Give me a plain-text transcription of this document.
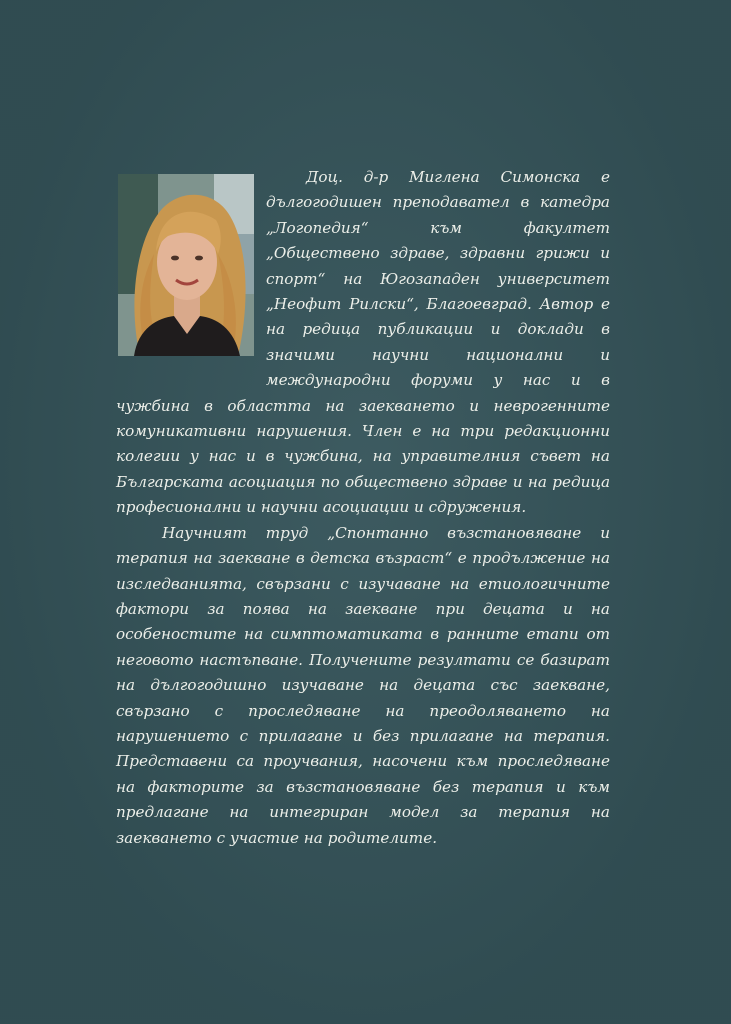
Доц. д-р Миглена Симонска е дългогодишен преподавател в катедра „Логопедия“ към факултет „Обществено здраве, здравни грижи и спорт“ на Югозападен университет „Неофит Рилски“, Благоевград. Автор е на редица публикации и доклади в значими научни национални и международни форуми у нас и в чужбина в областта на заекването и неврогенните комуникативни нарушения. Член е на три редакционни колегии у нас и в чужбина, на управителния съвет на Българската асоциация по обществено здраве и на редица професионални и научни асоциации и сдружения.

Научният труд „Спонтанно възстановяване и терапия на заекване в детска възраст“ е продължение на изследванията, свързани с изучаване на етиологичните фактори за поява на заекване при децата и на особеностите на симптоматиката в ранните етапи от неговото настъпване. Получените резултати се базират на дългогодишно изучаване на децата със заекване, свързано с проследяване на преодоляването на нарушението с прилагане и без прилагане на терапия. Представени са проучвания, насочени към проследяване на факторите за възстановяване без терапия и към предлагане на интегриран модел за терапия на заекването с участие на родителите.
